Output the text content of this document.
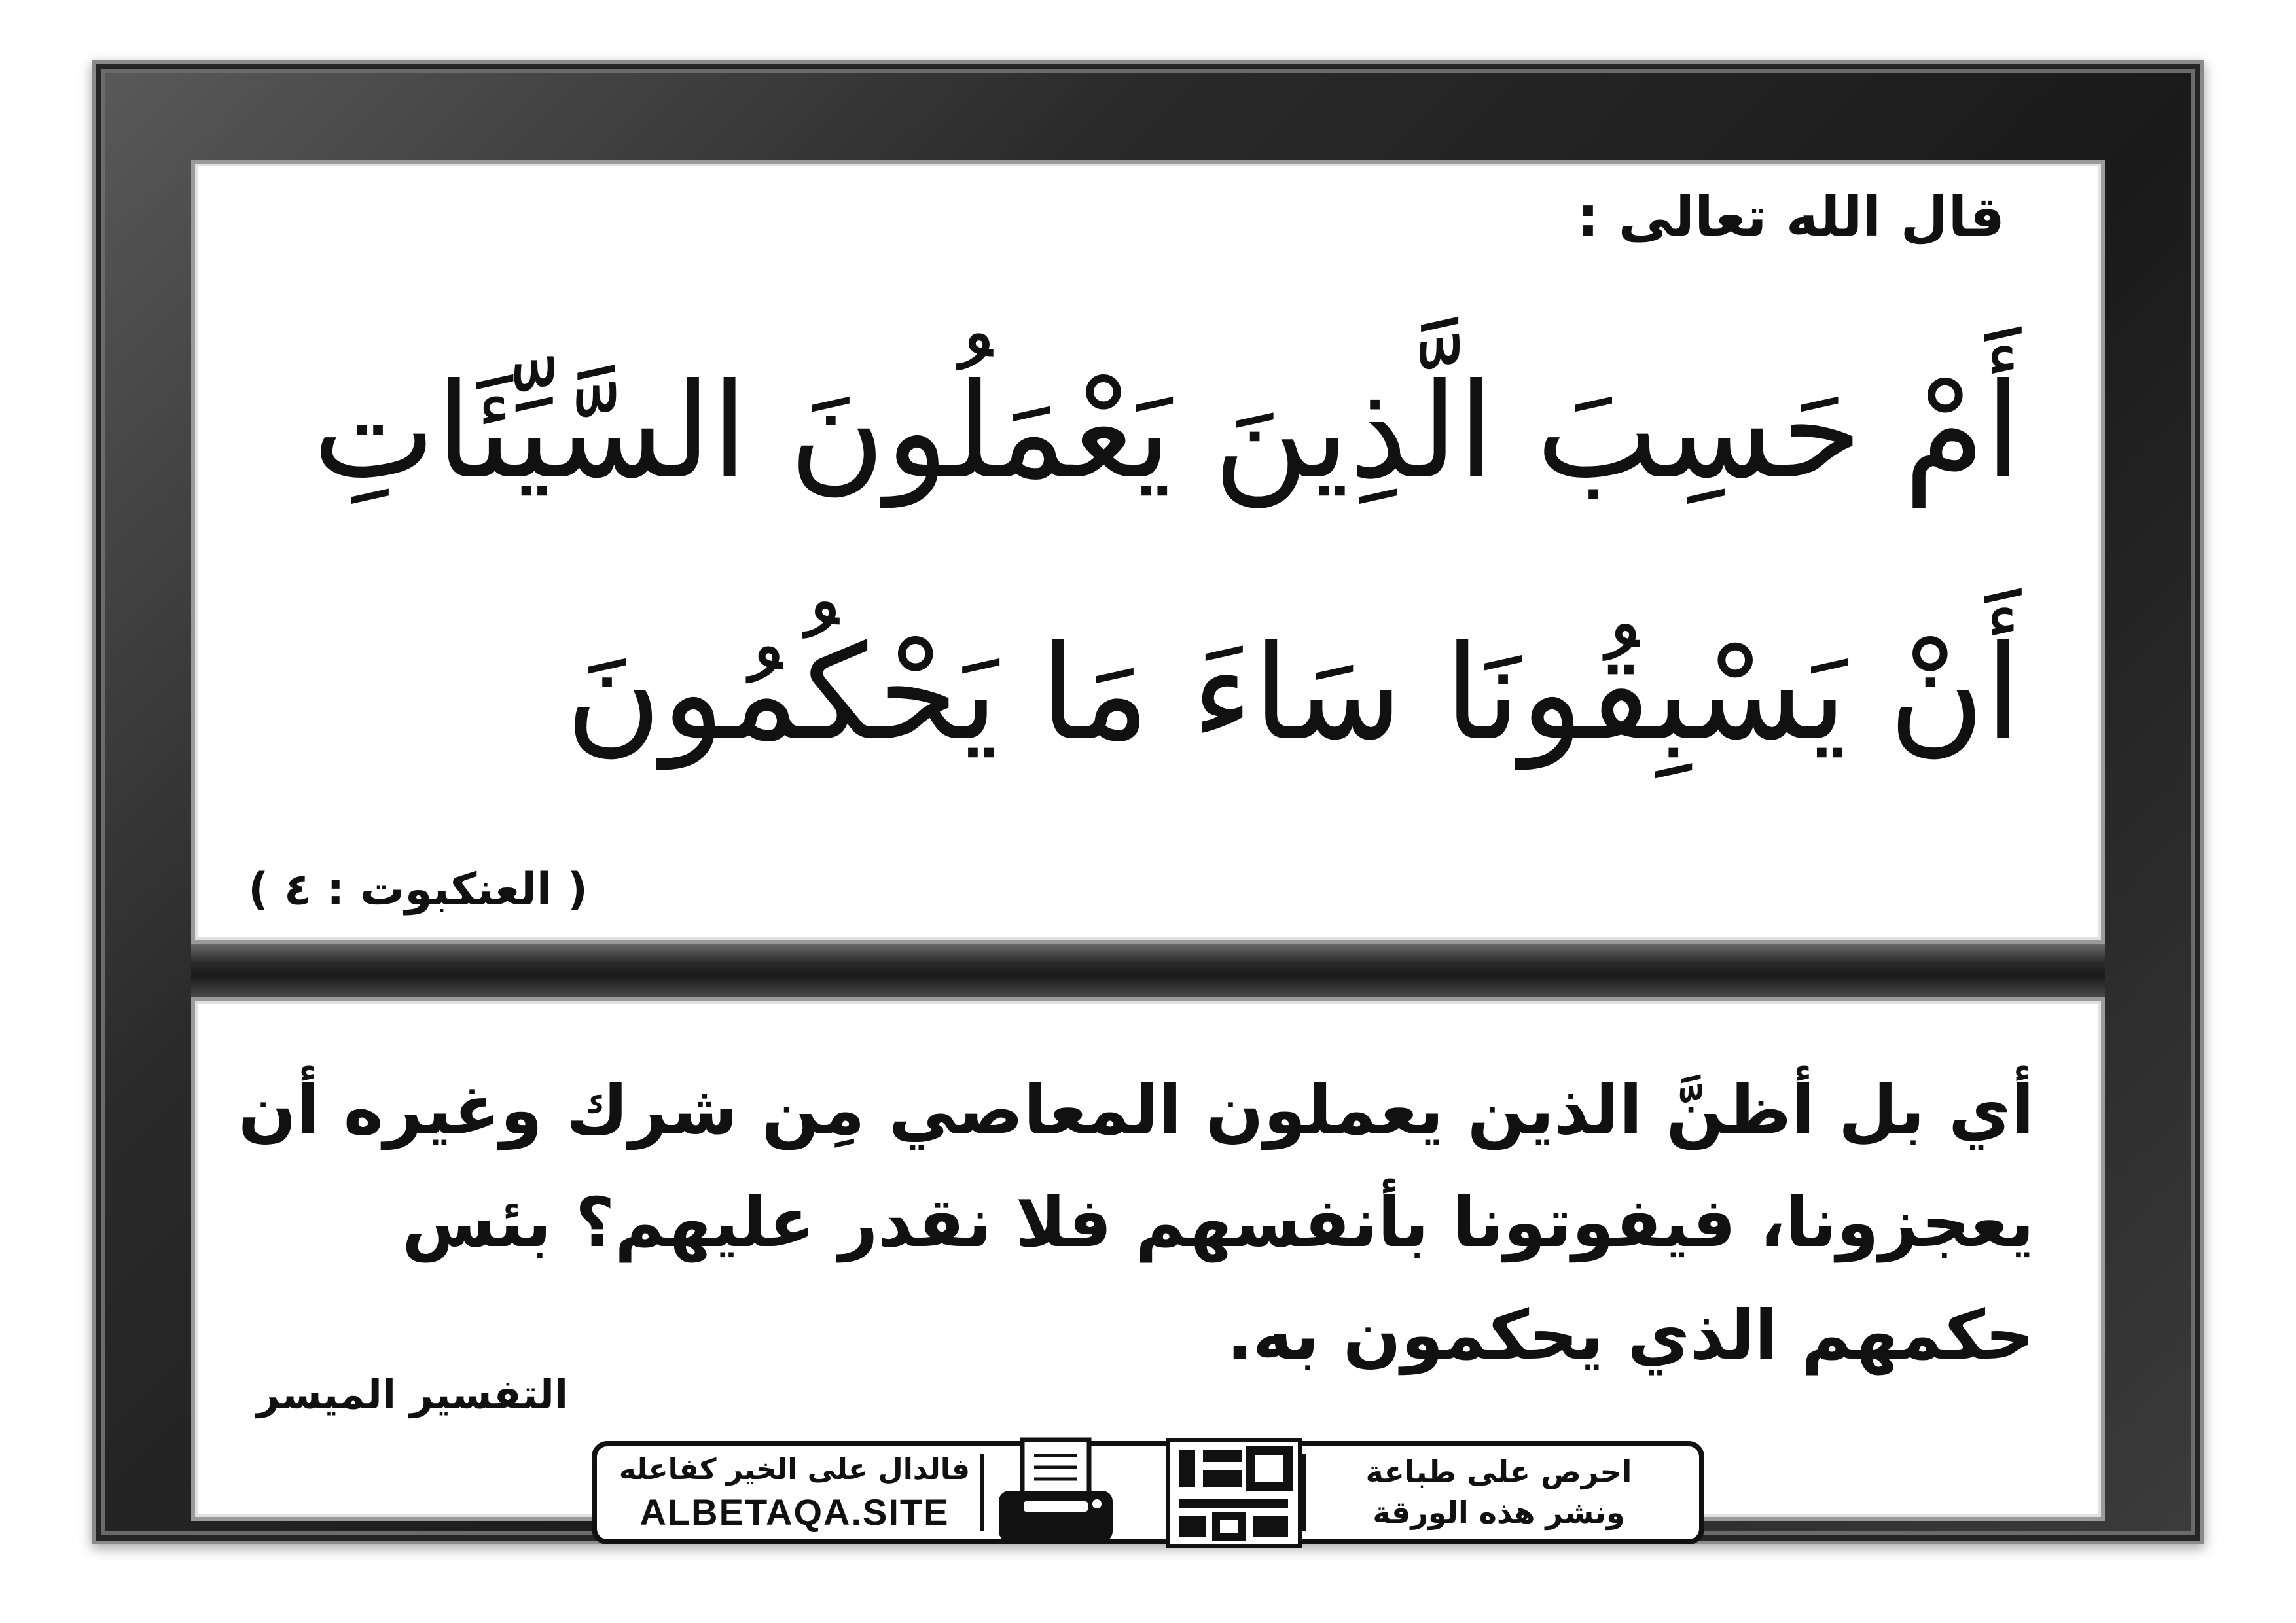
قال الله تعالى :
أَمْ حَسِبَ الَّذِينَ يَعْمَلُونَ السَّيِّئَاتِ
أَنْ يَسْبِقُونَا سَاءَ مَا يَحْكُمُونَ
( العنكبوت : ٤ )
أي بل أظنَّ الذين يعملون المعاصي مِن شرك وغيره أن يعجزونا، فيفوتونا بأنفسهم فلا نقدر عليهم؟ بئس حكمهم الذي يحكمون به.
التفسير الميسر
فالدال على الخير كفاعله
ALBETAQA.SITE
احرص على طباعة
ونشر هذه الورقة
